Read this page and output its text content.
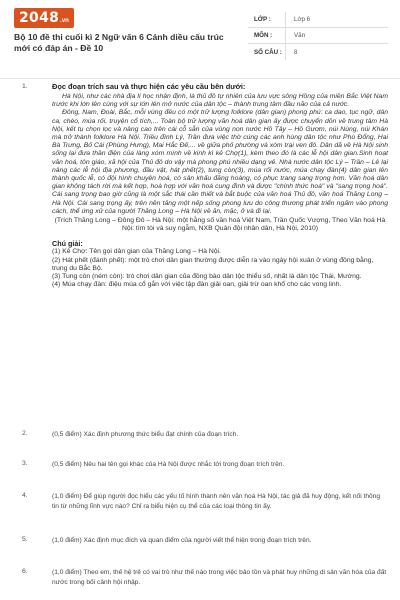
2048 .vn
Bộ 10 đề thi cuối kì 2 Ngữ văn 6 Cánh diều cấu trúc mới có đáp án - Đề 10
LỚP :	Lớp 6
MÔN :	Văn
SỐ CÂU :	8
1.	Đọc đoạn trích sau và thực hiện các yêu cầu bên dưới:
Hà Nội, như các nhà địa lí học nhận định, là thủ đô tự nhiên của lưu vực sông Hồng của miền Bắc Việt Nam trước khi lớn lên cùng với sự lớn lên mở nước của dân tộc – thành trung tâm đầu não của cả nước.
Đông, Nam, Đoài, Bắc, mỗi vùng đều có một trữ lượng folklore (dân gian) phong phú: ca dao, tục ngữ, dân ca, chèo, múa rối, truyện cổ tích,... Toàn bộ trữ lượng văn hoá dân gian ấy được chuyển dồn về trung tâm Hà Nội, kết tụ chọn lọc và nâng cao trên cái cỗ sẵn của vùng non nước Hồ Tây – Hồ Gươm, núi Nùng, núi Khán mà trở thành folklore Hà Nội. Triều đình Lý, Trần đưa việc thờ cúng các anh hùng dân tộc như Phù Đổng, Hai Bà Trưng, Bố Cái (Phùng Hưng), Mai Hắc Đế,... về giữa phố phường và xóm trại ven đô. Dân dã về Hà Nội sinh sống lại đưa thần điện của làng xóm mình về kinh kì kẻ Chợ(1), kèm theo đó là các lễ hội dân gian.Sinh hoạt văn hoá, tôn giáo, xã hội của Thủ đô do vậy mà phong phú nhiều dạng vẻ. Nhà nước dân tộc Lý – Trần – Lê lại nâng các lễ hội địa phương, đầu vật, hát phết(2), tung còn(3), múa rối nước, múa chạy đàn(4) dân gian lên thành quốc lễ, có đội hình chuyên hoá, có sân khấu đăng hoàng, có phục trang sang trọng hơn. Văn hoá dân gian không tách rời mà kết hợp, hoà hợp với văn hoá cung đình và được "chính thức hoá" và "sang trọng hoá". Cái sang trọng bao giờ cũng là một sắc thái cần thiết và bắt buộc của văn hoá Thủ đô, văn hoá Thăng Long – Hà Nội. Cái sang trọng ấy, trên nền tảng một nếp sống phong lưu do công thương phát triển ngấm vào phong cách, thể ứng xử của người Thăng Long – Hà Nội về ăn, mặc, ở và đi lại.
(Trích Thăng Long – Đông Đô – Hà Nội: một hằng số văn hoá Việt Nam, Trần Quốc Vượng, Theo Văn hoá Hà Nội: tìm tòi và suy ngẫm, NXB Quân đội nhân dân, Hà Nội, 2010)
Chú giải:
(1) Kẻ Chợ: Tên gọi dân gian của Thăng Long – Hà Nội.
(2) Hát phết (đánh phết): một trò chơi dân gian thường được diễn ra vào ngày hội xuân ở vùng đồng bằng, trung du Bắc Bộ.
(3) Tung còn (ném còn): trò chơi dân gian của đồng bào dân tộc thiểu số, nhất là dân tộc Thái, Mường.
(4) Múa chạy đàn: điệu múa cổ gắn với việc lập đàn giải oan, giải trừ oan khổ cho các vong linh.
2.	(0,5 điểm) Xác định phương thức biểu đạt chính của đoạn trích.
3.	(0,5 điểm) Nêu hai tên gọi khác của Hà Nội được nhắc tới trong đoạn trích trên.
4.	(1,0 điểm) Để giúp người đọc hiểu các yếu tố hình thành nên văn hoá Hà Nội, tác giả đã huy động, kết nối thông tin từ những lĩnh vực nào? Chỉ ra biểu hiện cụ thể của các loại thông tin ấy.
5.	(1,0 điểm) Xác định mục đích và quan điểm của người viết thể hiện trong đoạn trích trên.
6.	(1,0 điểm) Theo em, thế hệ trẻ có vai trò như thế nào trong việc bảo tồn và phát huy những di sản văn hóa của đất nước trong bối cảnh hội nhập.
